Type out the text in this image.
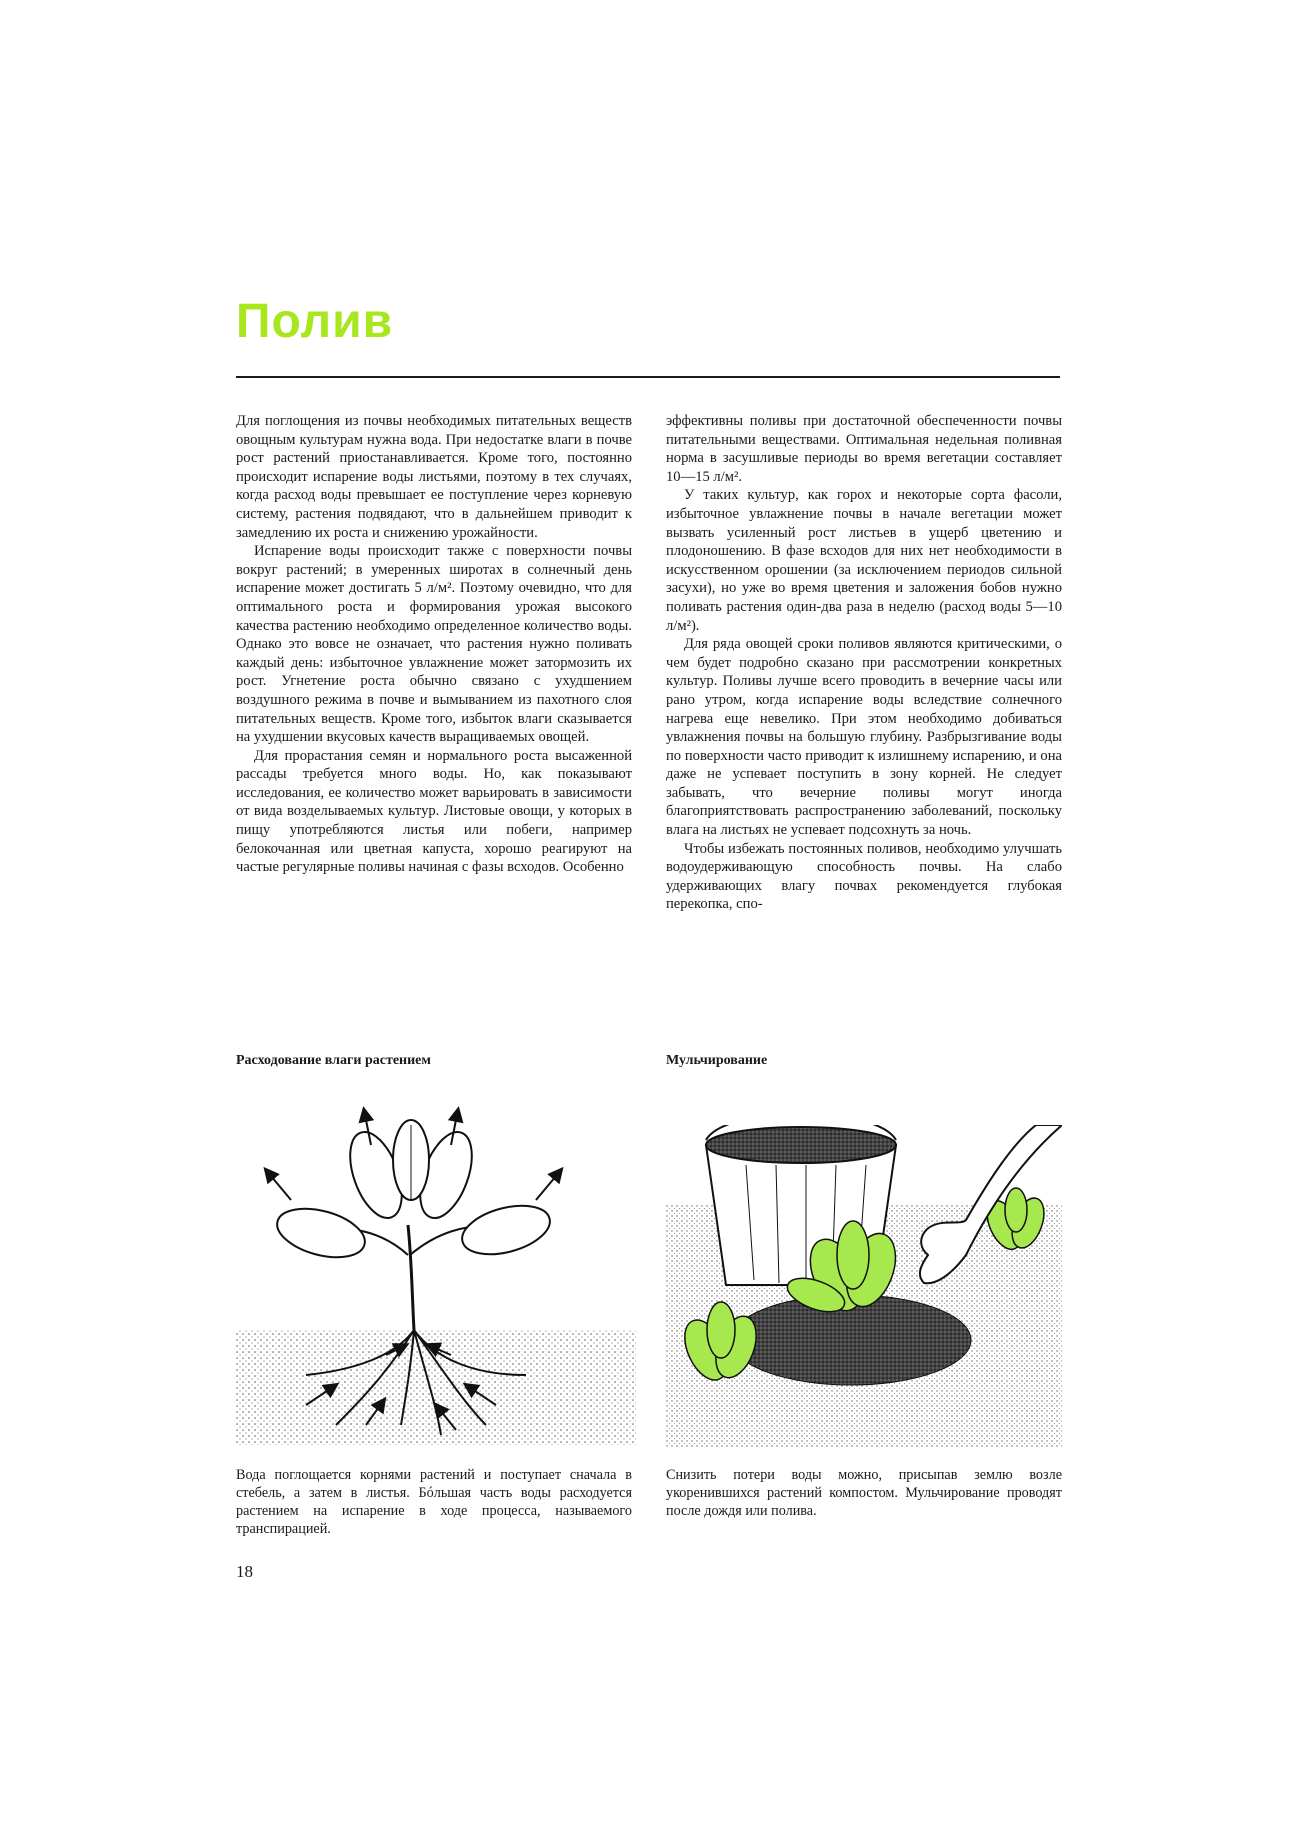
Полив

Для поглощения из почвы необходимых питательных веществ овощным культурам нужна вода. При недостатке влаги в почве рост растений приостанавливается. Кроме того, постоянно происходит испарение воды листьями, поэтому в тех случаях, когда расход воды превышает ее поступление через корневую систему, растения подвядают, что в дальнейшем приводит к замедлению их роста и снижению урожайности.

Испарение воды происходит также с поверхности почвы вокруг растений; в умеренных широтах в солнечный день испарение может достигать 5 л/м². Поэтому очевидно, что для оптимального роста и формирования урожая высокого качества растению необходимо определенное количество воды. Однако это вовсе не означает, что растения нужно поливать каждый день: избыточное увлажнение может затормозить их рост. Угнетение роста обычно связано с ухудшением воздушного режима в почве и вымыванием из пахотного слоя питательных веществ. Кроме того, избыток влаги сказывается на ухудшении вкусовых качеств выращиваемых овощей.

Для прорастания семян и нормального роста высаженной рассады требуется много воды. Но, как показывают исследования, ее количество может варьировать в зависимости от вида возделываемых культур. Листовые овощи, у которых в пищу употребляются листья или побеги, например белокочанная или цветная капуста, хорошо реагируют на частые регулярные поливы начиная с фазы всходов. Особенно

эффективны поливы при достаточной обеспеченности почвы питательными веществами. Оптимальная недельная поливная норма в засушливые периоды во время вегетации составляет 10—15 л/м².

У таких культур, как горох и некоторые сорта фасоли, избыточное увлажнение почвы в начале вегетации может вызвать усиленный рост листьев в ущерб цветению и плодоношению. В фазе всходов для них нет необходимости в искусственном орошении (за исключением периодов сильной засухи), но уже во время цветения и заложения бобов нужно поливать растения один-два раза в неделю (расход воды 5—10 л/м²).

Для ряда овощей сроки поливов являются критическими, о чем будет подробно сказано при рассмотрении конкретных культур. Поливы лучше всего проводить в вечерние часы или рано утром, когда испарение воды вследствие солнечного нагрева еще невелико. При этом необходимо добиваться увлажнения почвы на большую глубину. Разбрызгивание воды по поверхности часто приводит к излишнему испарению, и она даже не успевает поступить в зону корней. Не следует забывать, что вечерние поливы могут иногда благоприятствовать распространению заболеваний, поскольку влага на листьях не успевает подсохнуть за ночь.

Чтобы избежать постоянных поливов, необходимо улучшать водоудерживающую способность почвы. На слабо удерживающих влагу почвах рекомендуется глубокая перекопка, спо-

Расходование влаги растением	Мульчирование
Вода поглощается корнями растений и поступает сначала в стебель, а затем в листья. Бóльшая часть воды расходуется растением на испарение в ходе процесса, называемого транспирацией.
Снизить потери воды можно, присыпав землю возле укоренившихся растений компостом. Мульчирование проводят после дождя или полива.
18
